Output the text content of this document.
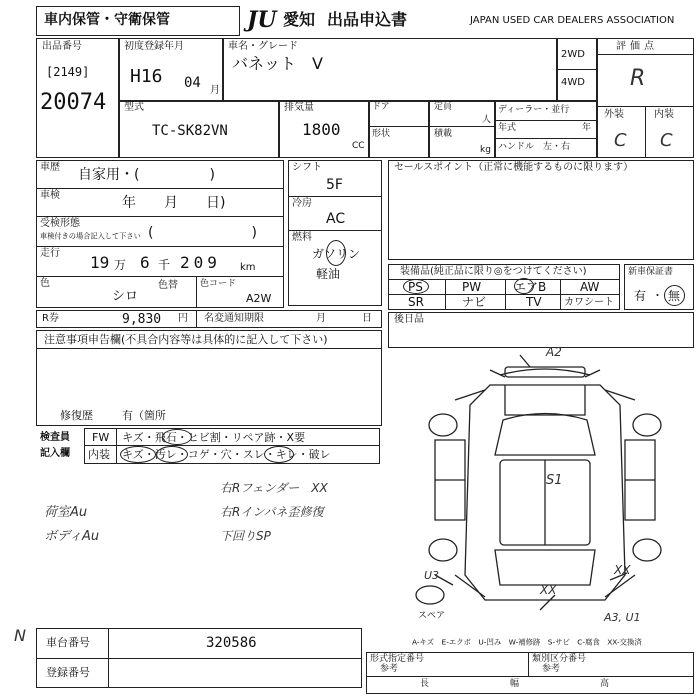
車内保管・守衛保管	JU 愛知 出品申込書	JAPAN USED CAR DEALERS ASSOCIATION
出品番号
[2149]
20074
初度登録年月
H16 04 月
車名・グレード
バネット　V	2WD
4WD
型式
TC-SK82VN
排気量
1800
CC
ドア	定員
人
形状	積載
kg
ディーラー・並行
年式	年
ハンドル　左・右
評価点
R
外装	内装
C C
車歴 自家用・(　　　　　)
車検	年　　月　　日)
受検形態
車検付きの場合記入して下さい (　　　　　　　)
走行 19 万 6 千 209 km
色
シロ
色替 色コード
A2W
シフト
5F
冷房
AC
燃料
ガソリン
軽油
セールスポイント（正常に機能するものに限ります）
装備品(純正品に限り◎をつけてください)
PS	PW	エアB	AW
SR	ナビ	TV カワシート
新車保証書
有 ・ 無
R券	9,830 円 名変通知期限	月	日 後日品
注意事項申告欄(不具合内容等は具体的に記入して下さい)
修復歴	有（箇所
検査員
記入欄
FW キズ・飛石・ヒビ割・リペア跡・X要
内装 キズ・汚レ・コゲ・穴・スレ・キレ・破レ
右Rフェンダー　XX
荷室Au	右Rインパネ歪修復
ボディAu	下回りSP
N
A2
S1
U3	XX
XX
A3, U1
スペア
A-キズ　E-エクボ　U-凹み　W-補修跡　S-サビ　C-腐食　XX-交換済
車台番号	320586
登録番号
形式指定番号
参考
類別区分番号
参考
長	幅	高
